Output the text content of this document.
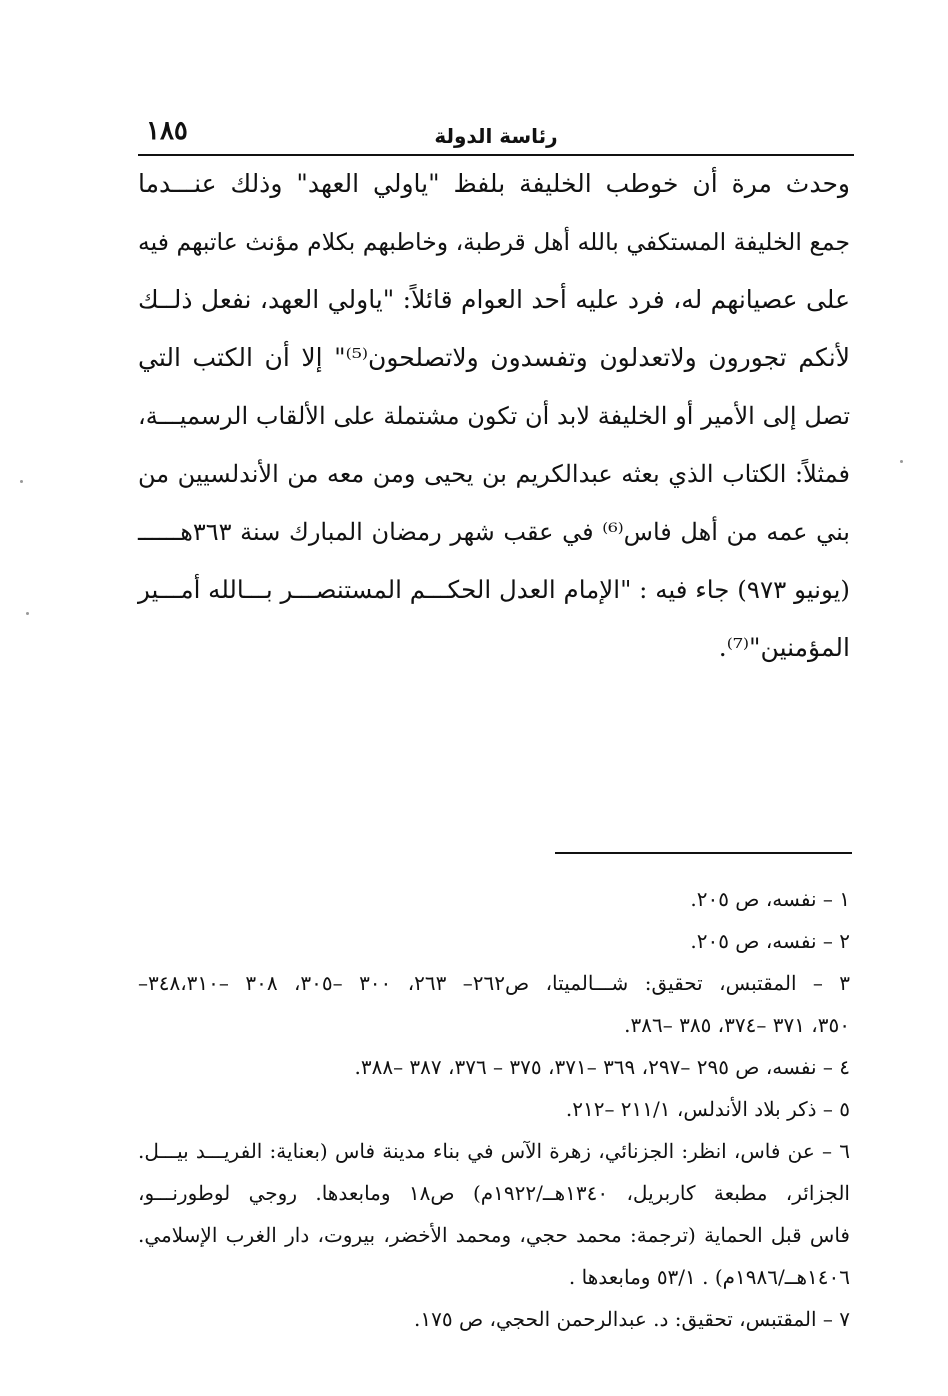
١٨٥	رئاسة الدولة
وحدث مرة أن خوطب الخليفة بلفظ "ياولي العهد" وذلك عنـــدما
جمع الخليفة المستكفي بالله أهل قرطبة، وخاطبهم بكلام مؤنث عاتبهم فيه
على عصيانهم له، فرد عليه أحد العوام قائلاً: "ياولي العهد، نفعل ذلــك
لأنكم تجورون ولاتعدلون وتفسدون ولاتصلحون⁽⁵⁾" إلا أن الكتب التي
تصل إلى الأمير أو الخليفة لابد أن تكون مشتملة على الألقاب الرسميـــة،
فمثلاً: الكتاب الذي بعثه عبدالكريم بن يحيى ومن معه من الأندلسيين من
بني عمه من أهل فاس⁽⁶⁾ في عقب شهر رمضان المبارك سنة ٣٦٣هــــــ
(يونيو ٩٧٣) جاء فيه : "الإمام العدل الحكـــم المستنصـــر بـــالله أمـــير
المؤمنين"⁽⁷⁾.
١ – نفسه، ص ٢٠٥.
٢ – نفسه، ص ٢٠٥.
٣ – المقتبس، تحقيق: شـــالميتا، ص٢٦٢– ٢٦٣، ٣٠٠ –٣٠٥، ٣٠٨ –٣٤٨،٣١٠–
٣٥٠، ٣٧١ –٣٧٤، ٣٨٥ –٣٨٦.
٤ – نفسه، ص ٢٩٥ –٢٩٧، ٣٦٩ –٣٧١، ٣٧٥ – ٣٧٦، ٣٨٧ –٣٨٨.
٥ – ذكر بلاد الأندلس، ٢١١/١ –٢١٢.
٦ – عن فاس، انظر: الجزنائي، زهرة الآس في بناء مدينة فاس (بعناية: الفريـــد بيـــل.
الجزائر، مطبعة كاربريل، ١٣٤٠هــ/١٩٢٢م) ص١٨ ومابعدها. روجي لوطورنـــو،
فاس قبل الحماية (ترجمة: محمد حجي، ومحمد الأخضر، بيروت، دار الغرب الإسلامي.
١٤٠٦هــ/١٩٨٦م) . ٥٣/١ ومابعدها .
٧ – المقتبس، تحقيق: د. عبدالرحمن الحجي، ص ١٧٥.
